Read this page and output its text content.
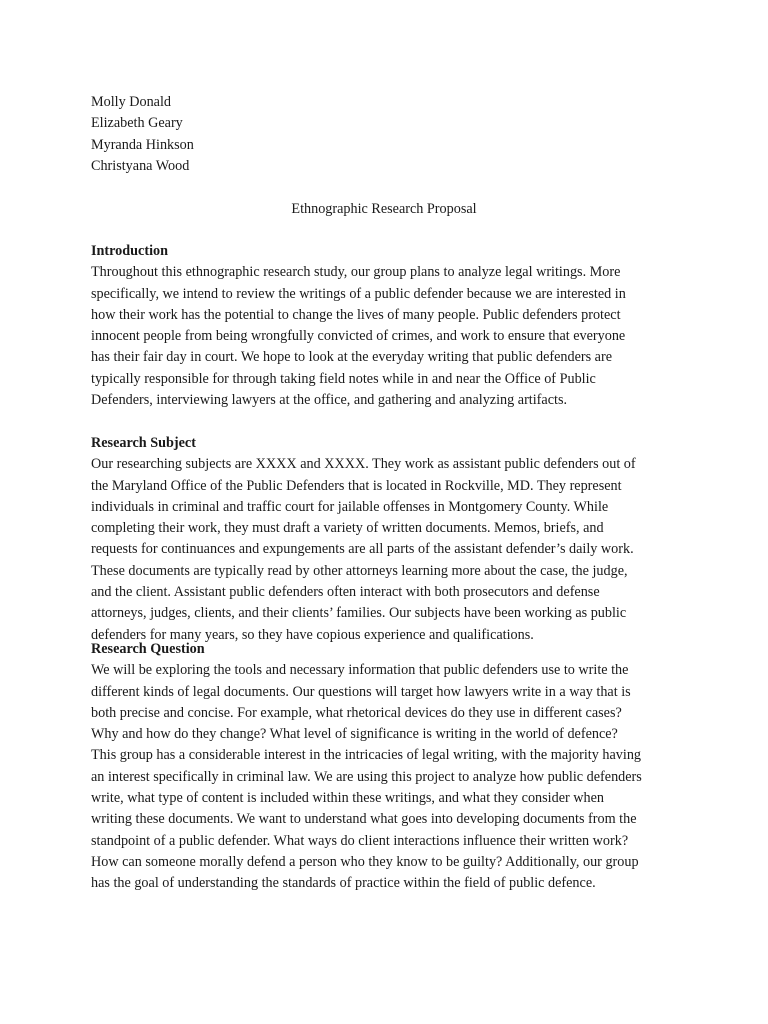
Molly Donald
Elizabeth Geary
Myranda Hinkson
Christyana Wood
Ethnographic Research Proposal
Introduction
Throughout this ethnographic research study, our group plans to analyze legal writings. More
specifically, we intend to review the writings of a public defender because we are interested in
how their work has the potential to change the lives of many people. Public defenders protect
innocent people from being wrongfully convicted of crimes, and work to ensure that everyone
has their fair day in court. We hope to look at the everyday writing that public defenders are
typically responsible for through taking field notes while in and near the Office of Public
Defenders, interviewing lawyers at the office, and gathering and analyzing artifacts.
Research Subject
Our researching subjects are XXXX and XXXX. They work as assistant public defenders out of
the Maryland Office of the Public Defenders that is located in Rockville, MD. They represent
individuals in criminal and traffic court for jailable offenses in Montgomery County. While
completing their work, they must draft a variety of written documents. Memos, briefs, and
requests for continuances and expungements are all parts of the assistant defender’s daily work.
These documents are typically read by other attorneys learning more about the case, the judge,
and the client. Assistant public defenders often interact with both prosecutors and defense
attorneys, judges, clients, and their clients’ families. Our subjects have been working as public
defenders for many years, so they have copious experience and qualifications.
Research Question
We will be exploring the tools and necessary information that public defenders use to write the
different kinds of legal documents. Our questions will target how lawyers write in a way that is
both precise and concise. For example, what rhetorical devices do they use in different cases?
Why and how do they change? What level of significance is writing in the world of defence?
This group has a considerable interest in the intricacies of legal writing, with the majority having
an interest specifically in criminal law. We are using this project to analyze how public defenders
write, what type of content is included within these writings, and what they consider when
writing these documents. We want to understand what goes into developing documents from the
standpoint of a public defender. What ways do client interactions influence their written work?
How can someone morally defend a person who they know to be guilty? Additionally, our group
has the goal of understanding the standards of practice within the field of public defence.
